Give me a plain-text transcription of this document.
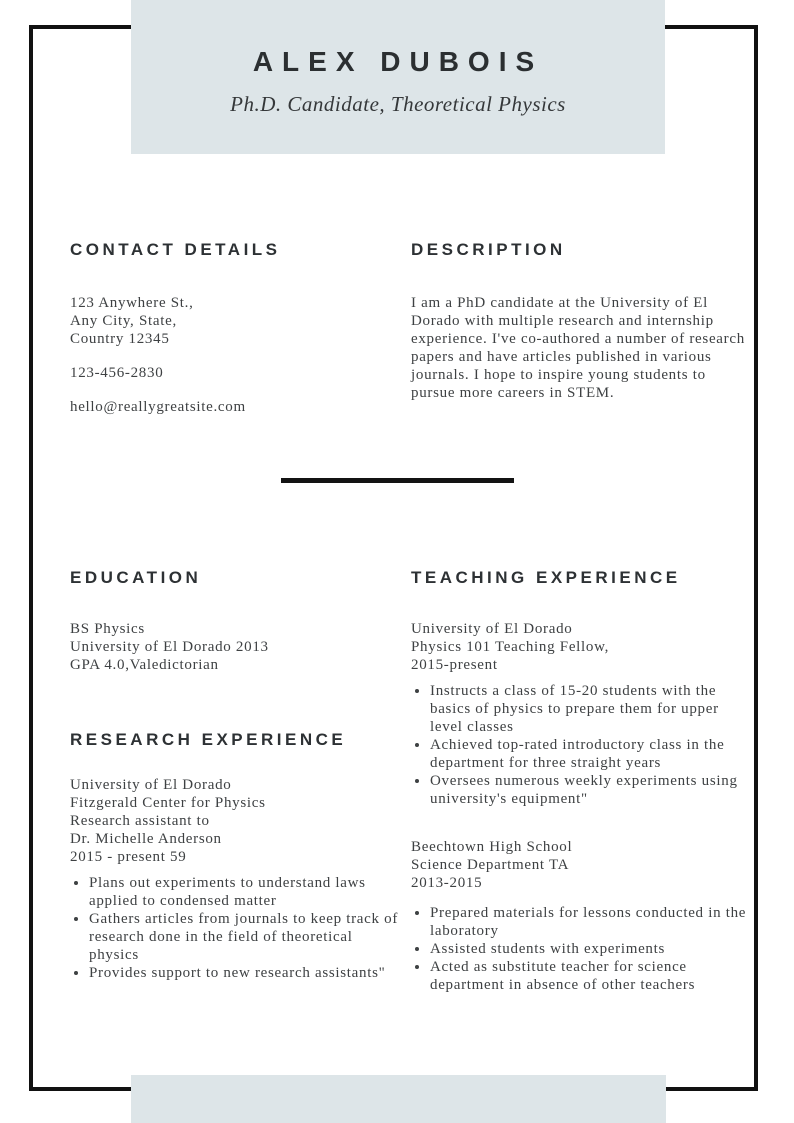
ALEX DUBOIS
Ph.D. Candidate, Theoretical Physics
CONTACT DETAILS
123 Anywhere St.,
Any City, State,
Country 12345
123-456-2830
hello@reallygreatsite.com
DESCRIPTION

I am a PhD candidate at the University of El Dorado with multiple research and internship experience. I've co-authored a number of research papers and have articles published in various journals. I hope to inspire young students to pursue more careers in STEM.

EDUCATION
BS Physics
University of El Dorado 2013
GPA 4.0,Valedictorian
RESEARCH EXPERIENCE
University of El Dorado
Fitzgerald Center for Physics
Research assistant to
Dr. Michelle Anderson
2015 - present 59
• Plans out experiments to understand laws applied to condensed matter
• Gathers articles from journals to keep track of research done in the field of theoretical physics
• Provides support to new research assistants"
TEACHING EXPERIENCE
University of El Dorado
Physics 101 Teaching Fellow,
2015-present
• Instructs a class of 15-20 students with the basics of physics to prepare them for upper level classes
• Achieved top-rated introductory class in the department for three straight years
• Oversees numerous weekly experiments using university's equipment"
Beechtown High School
Science Department TA
2013-2015
• Prepared materials for lessons conducted in the laboratory
• Assisted students with experiments
• Acted as substitute teacher for science department in absence of other teachers
